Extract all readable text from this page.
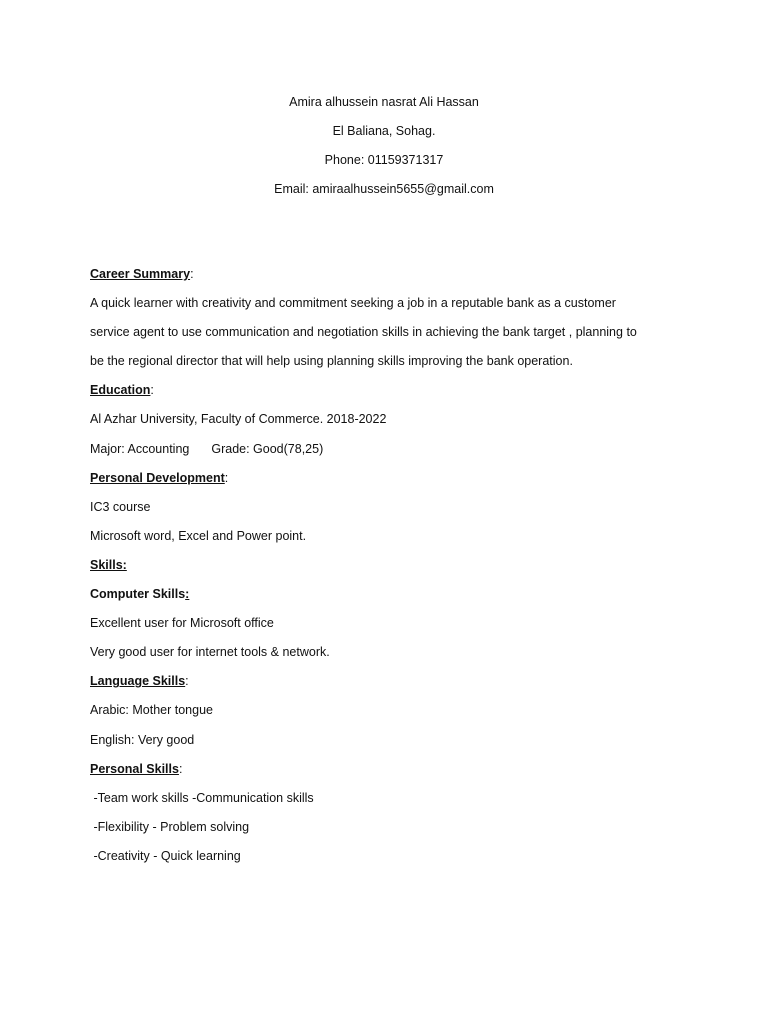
Amira alhussein nasrat Ali Hassan
El Baliana, Sohag.
Phone: 01159371317
Email: amiraalhussein5655@gmail.com
Career Summary:
A quick learner with creativity and commitment seeking a job in a reputable bank as a customer
service agent to use communication and negotiation skills in achieving the bank target , planning to
be the regional director that will help using planning skills improving the bank operation.
Education:
Al Azhar University, Faculty of Commerce. 2018-2022
Major: Accounting Grade: Good(78,25)
Personal Development:
IC3 course
Microsoft word, Excel and Power point.
Skills:
Computer Skills:
Excellent user for Microsoft office
Very good user for internet tools & network.
Language Skills:
Arabic: Mother tongue
English: Very good
Personal Skills:
-Team work skills -Communication skills
-Flexibility - Problem solving
-Creativity - Quick learning
